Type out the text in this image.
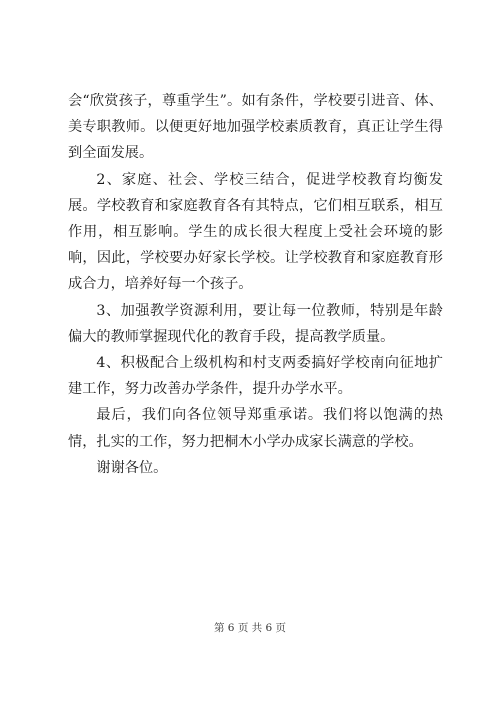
会“欣赏孩子，尊重学生”。如有条件，学校要引进音、体、美专职教师。以便更好地加强学校素质教育，真正让学生得到全面发展。

2、家庭、社会、学校三结合，促进学校教育均衡发展。学校教育和家庭教育各有其特点，它们相互联系，相互作用，相互影响。学生的成长很大程度上受社会环境的影响，因此，学校要办好家长学校。让学校教育和家庭教育形成合力，培养好每一个孩子。

3、加强教学资源利用，要让每一位教师，特别是年龄偏大的教师掌握现代化的教育手段，提高教学质量。

4、积极配合上级机构和村支两委搞好学校南向征地扩建工作，努力改善办学条件，提升办学水平。

最后，我们向各位领导郑重承诺。我们将以饱满的热情，扎实的工作，努力把桐木小学办成家长满意的学校。

谢谢各位。

第 6 页 共 6 页
